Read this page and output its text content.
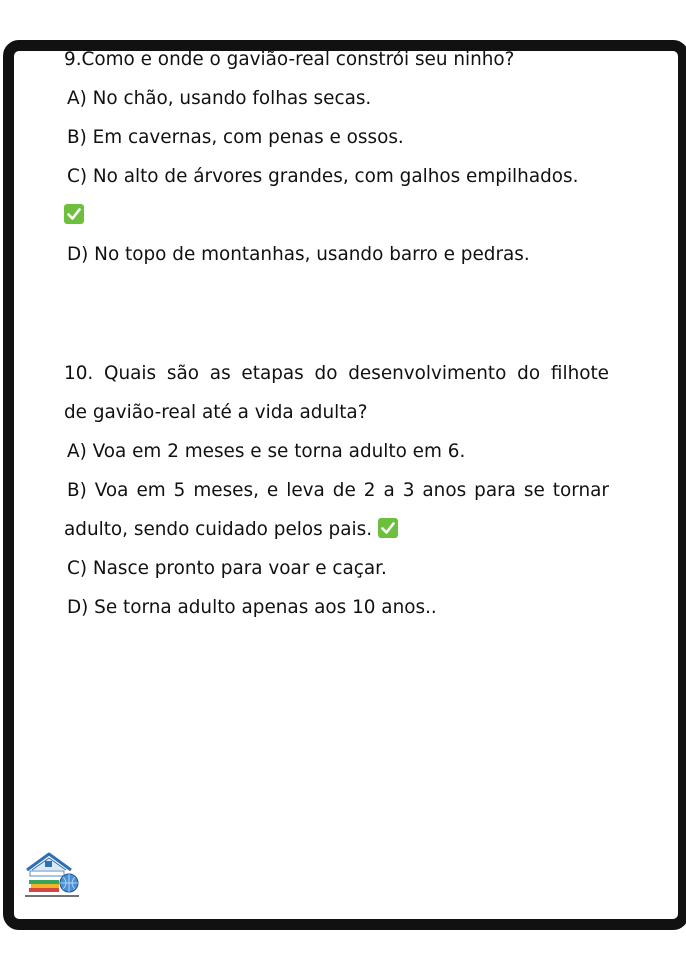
9.Como e onde o gavião-real constrói seu ninho?

A) No chão, usando folhas secas.

B) Em cavernas, com penas e ossos.

C) No alto de árvores grandes, com galhos empilhados.

D) No topo de montanhas, usando barro e pedras.

10. Quais são as etapas do desenvolvimento do filhote

de gavião-real até a vida adulta?

A) Voa em 2 meses e se torna adulto em 6.

B) Voa em 5 meses, e leva de 2 a 3 anos para se tornar

adulto, sendo cuidado pelos pais.

C) Nasce pronto para voar e caçar.

D) Se torna adulto apenas aos 10 anos..
